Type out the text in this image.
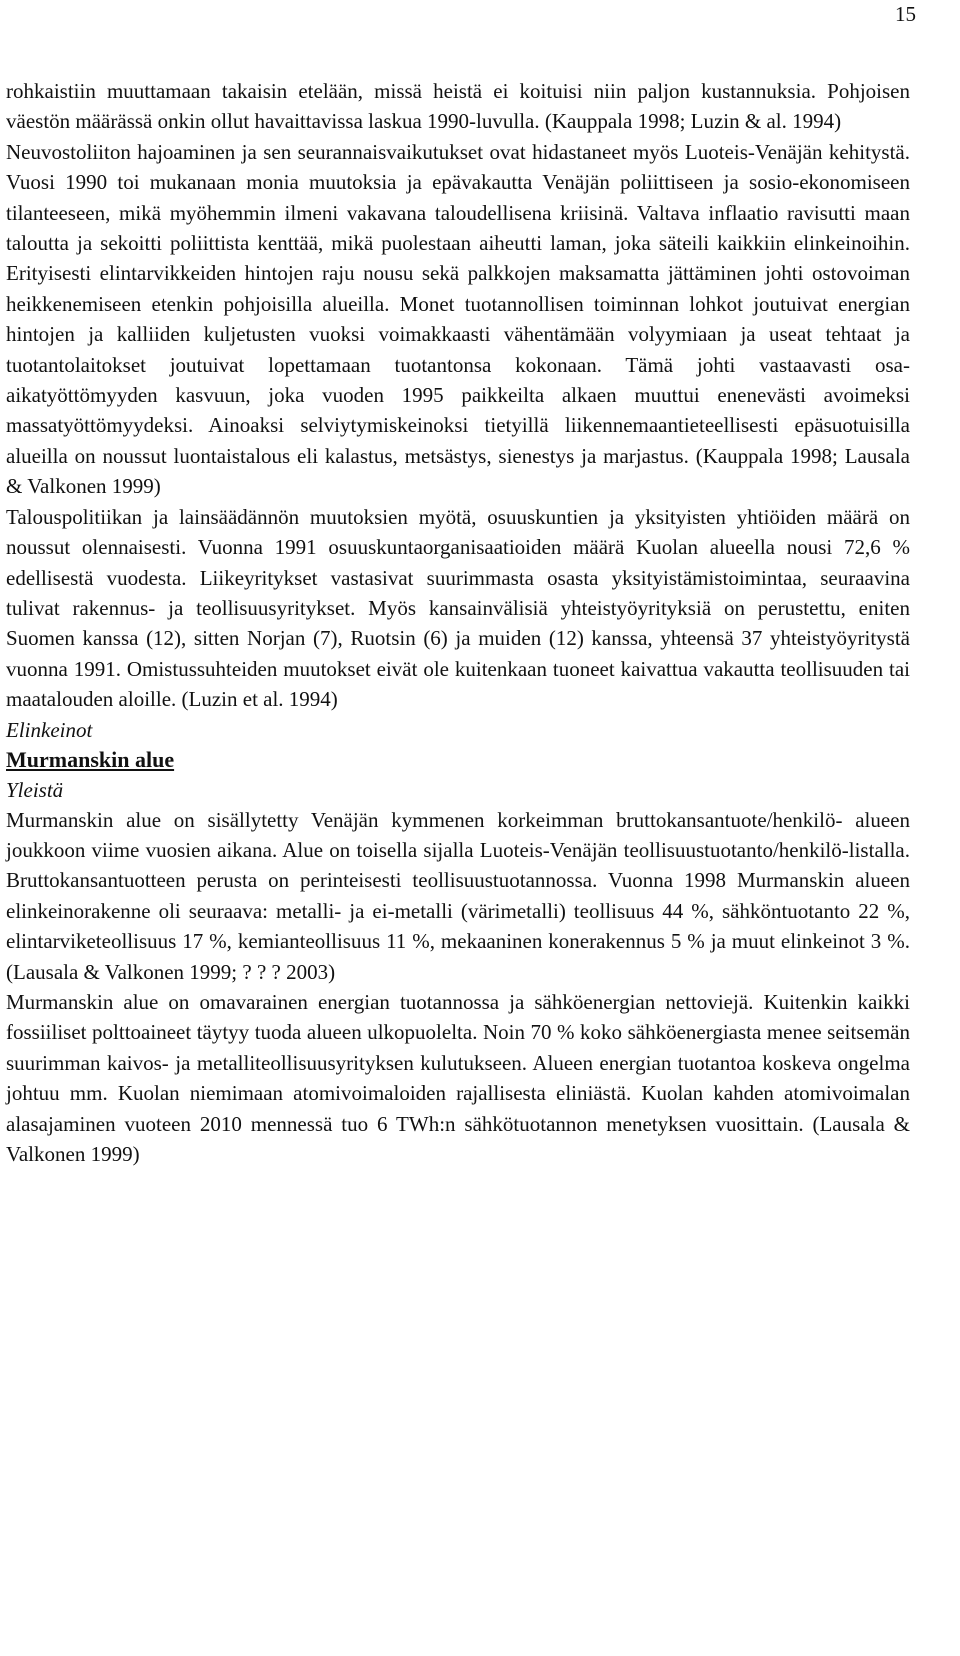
15

rohkaistiin muuttamaan takaisin etelään, missä heistä ei koituisi niin paljon kustannuksia. Pohjoisen väestön määrässä onkin ollut havaittavissa laskua 1990-luvulla. (Kauppala 1998; Luzin & al. 1994)

Neuvostoliiton hajoaminen ja sen seurannaisvaikutukset ovat hidastaneet myös Luoteis-Venäjän kehitystä. Vuosi 1990 toi mukanaan monia muutoksia ja epävakautta Venäjän poliittiseen ja sosio-ekonomiseen tilanteeseen, mikä myöhemmin ilmeni vakavana taloudellisena kriisinä. Valtava inflaatio ravisutti maan taloutta ja sekoitti poliittista kenttää, mikä puolestaan aiheutti laman, joka säteili kaikkiin elinkeinoihin. Erityisesti elintarvikkeiden hintojen raju nousu sekä palkkojen maksamatta jättäminen johti ostovoiman heikkenemiseen etenkin pohjoisilla alueilla. Monet tuotannollisen toiminnan lohkot joutuivat energian hintojen ja kalliiden kuljetusten vuoksi voimakkaasti vähentämään volyymiaan ja useat tehtaat ja tuotantolaitokset joutuivat lopettamaan tuotantonsa kokonaan. Tämä johti vastaavasti osa-aikatyöttömyyden kasvuun, joka vuoden 1995 paikkeilta alkaen muuttui enenevästi avoimeksi massatyöttömyydeksi. Ainoaksi selviytymiskeinoksi tietyillä liikennemaantieteellisesti epäsuotuisilla alueilla on noussut luontaistalous eli kalastus, metsästys, sienestys ja marjastus. (Kauppala 1998; Lausala & Valkonen 1999)

Talouspolitiikan ja lainsäädännön muutoksien myötä, osuuskuntien ja yksityisten yhtiöiden määrä on noussut olennaisesti. Vuonna 1991 osuuskuntaorganisaatioiden määrä Kuolan alueella nousi 72,6 % edellisestä vuodesta. Liikeyritykset vastasivat suurimmasta osasta yksityistämistoimintaa, seuraavina tulivat rakennus- ja teollisuusyritykset. Myös kansainvälisiä yhteistyöyrityksiä on perustettu, eniten Suomen kanssa (12), sitten Norjan (7), Ruotsin (6) ja muiden (12) kanssa, yhteensä 37 yhteistyöyritystä vuonna 1991. Omistussuhteiden muutokset eivät ole kuitenkaan tuoneet kaivattua vakautta teollisuuden tai maatalouden aloille. (Luzin et al. 1994)

Elinkeinot
Murmanskin alue
Yleistä

Murmanskin alue on sisällytetty Venäjän kymmenen korkeimman bruttokansantuote/henkilö- alueen joukkoon viime vuosien aikana. Alue on toisella sijalla Luoteis-Venäjän teollisuustuotanto/henkilö-listalla. Bruttokansantuotteen perusta on perinteisesti teollisuustuotannossa. Vuonna 1998 Murmanskin alueen elinkeinorakenne oli seuraava: metalli- ja ei-metalli (värimetalli) teollisuus 44 %, sähköntuotanto 22 %, elintarviketeollisuus 17 %, kemianteollisuus 11 %, mekaaninen konerakennus 5 % ja muut elinkeinot 3 %. (Lausala & Valkonen 1999; ? ? ? 2003)

Murmanskin alue on omavarainen energian tuotannossa ja sähköenergian nettoviejä. Kuitenkin kaikki fossiiliset polttoaineet täytyy tuoda alueen ulkopuolelta. Noin 70 % koko sähköenergiasta menee seitsemän suurimman kaivos- ja metalliteollisuusyrityksen kulutukseen. Alueen energian tuotantoa koskeva ongelma johtuu mm. Kuolan niemimaan atomivoimaloiden rajallisesta eliniästä. Kuolan kahden atomivoimalan alasajaminen vuoteen 2010 mennessä tuo 6 TWh:n sähkötuotannon menetyksen vuosittain. (Lausala & Valkonen 1999)
